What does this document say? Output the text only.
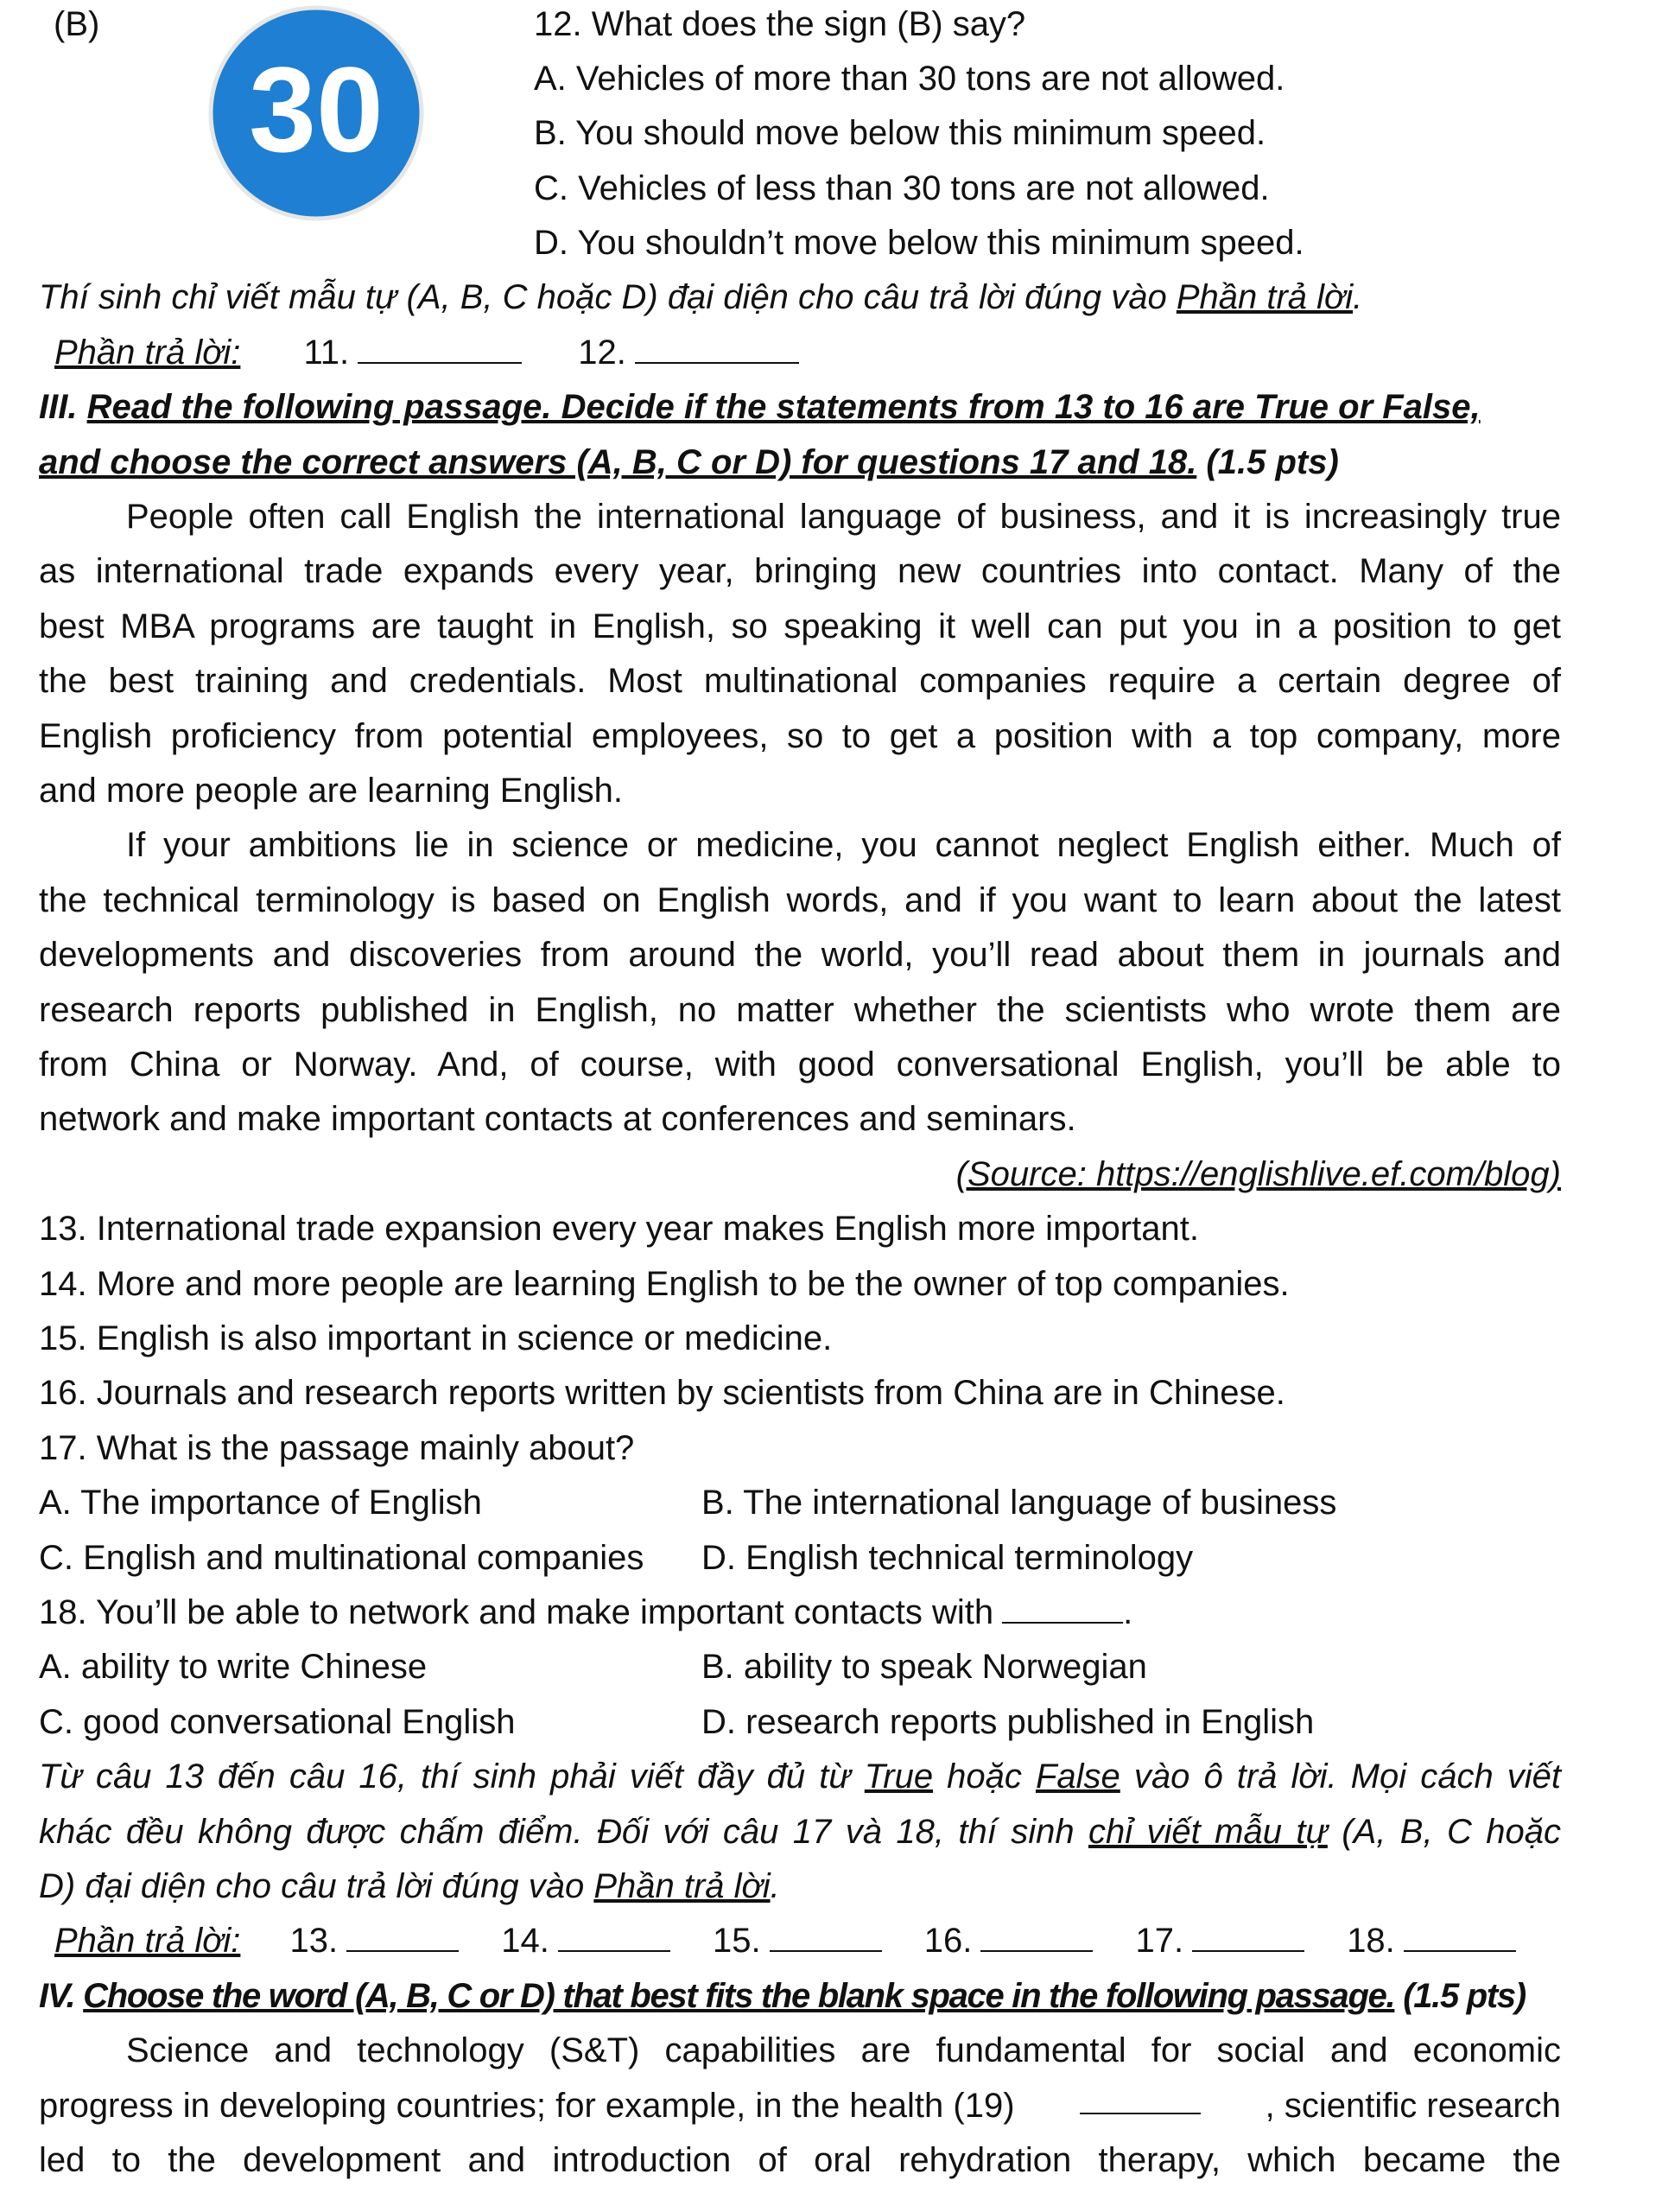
(B)
30
12. What does the sign (B) say?
A. Vehicles of more than 30 tons are not allowed.
B. You should move below this minimum speed.
C. Vehicles of less than 30 tons are not allowed.
D. You shouldn’t move below this minimum speed.
Thí sinh chỉ viết mẫu tự (A, B, C hoặc D) đại diện cho câu trả lời đúng vào Phần trả lời.
Phần trả lời: 11.	12.
III. Read the following passage. Decide if the statements from 13 to 16 are True or False,
and choose the correct answers (A, B, C or D) for questions 17 and 18. (1.5 pts)
People often call English the international language of business, and it is increasingly true
as international trade expands every year, bringing new countries into contact. Many of the
best MBA programs are taught in English, so speaking it well can put you in a position to get
the best training and credentials. Most multinational companies require a certain degree of
English proficiency from potential employees, so to get a position with a top company, more
and more people are learning English.
If your ambitions lie in science or medicine, you cannot neglect English either. Much of
the technical terminology is based on English words, and if you want to learn about the latest
developments and discoveries from around the world, you’ll read about them in journals and
research reports published in English, no matter whether the scientists who wrote them are
from China or Norway. And, of course, with good conversational English, you’ll be able to
network and make important contacts at conferences and seminars.
(Source: https://englishlive.ef.com/blog)
13. International trade expansion every year makes English more important.
14. More and more people are learning English to be the owner of top companies.
15. English is also important in science or medicine.
16. Journals and research reports written by scientists from China are in Chinese.
17. What is the passage mainly about?
A. The importance of English	B. The international language of business
C. English and multinational companies D. English technical terminology
18. You’ll be able to network and make important contacts with	.
A. ability to write Chinese	B. ability to speak Norwegian
C. good conversational English	D. research reports published in English
Từ câu 13 đến câu 16, thí sinh phải viết đầy đủ từ True hoặc False vào ô trả lời. Mọi cách viết
khác đều không được chấm điểm. Đối với câu 17 và 18, thí sinh chỉ viết mẫu tự (A, B, C hoặc
D) đại diện cho câu trả lời đúng vào Phần trả lời.
Phần trả lời: 13.	14.	15.	16.	17.	18.
IV. Choose the word (A, B, C or D) that best fits the blank space in the following passage. (1.5 pts)
Science and technology (S&T) capabilities are fundamental for social and economic
progress in developing countries; for example, in the health (19)	, scientific research
led to the development and introduction of oral rehydration therapy, which became the
